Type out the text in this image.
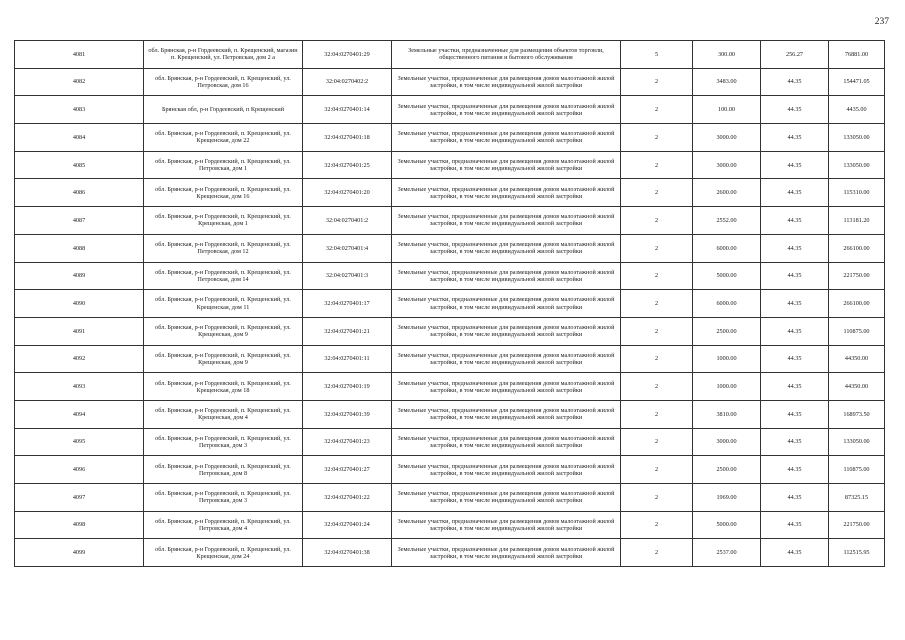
237
4081	обл. Брянская, р-н Гордеевский, п. Крещенский, магазин п. Крещенский, ул. Петровская, дом 2 а	32:04:0270401:29	Земельные участки, предназначенные для размещения объектов торговли, общественного питания и бытового обслуживания	5	300.00	256.27	76881.00
4082	обл. Брянская, р-н Гордеевский, п. Крещенский, ул. Петровская, дом 16	32:04:0270402:2	Земельные участки, предназначенные для размещения домов малоэтажной жилой застройки, в том числе индивидуальной жилой застройки	2	3483.00	44.35	154471.05
4083	Брянская обл, р-н Гордеевский, п Крещенский	32:04:0270401:14	Земельные участки, предназначенные для размещения домов малоэтажной жилой застройки, в том числе индивидуальной жилой застройки	2	100.00	44.35	4435.00
4084	обл. Брянская, р-н Гордеевский, п. Крещенский, ул. Крещенская, дом 22	32:04:0270401:18	Земельные участки, предназначенные для размещения домов малоэтажной жилой застройки, в том числе индивидуальной жилой застройки	2	3000.00	44.35	133050.00
4085	обл. Брянская, р-н Гордеевский, п. Крещенский, ул. Петровская, дом 1	32:04:0270401:25	Земельные участки, предназначенные для размещения домов малоэтажной жилой застройки, в том числе индивидуальной жилой застройки	2	3000.00	44.35	133050.00
4086	обл. Брянская, р-н Гордеевский, п. Крещенский, ул. Крещенская, дом 16	32:04:0270401:20	Земельные участки, предназначенные для размещения домов малоэтажной жилой застройки, в том числе индивидуальной жилой застройки	2	2600.00	44.35	115310.00
4087	обл. Брянская, р-н Гордеевский, п. Крещенский, ул. Крещенская, дом 1	32:04:0270401:2	Земельные участки, предназначенные для размещения домов малоэтажной жилой застройки, в том числе индивидуальной жилой застройки	2	2552.00	44.35	113181.20
4088	обл. Брянская, р-н Гордеевский, п. Крещенский, ул. Петровская, дом 12	32:04:0270401:4	Земельные участки, предназначенные для размещения домов малоэтажной жилой застройки, в том числе индивидуальной жилой застройки	2	6000.00	44.35	266100.00
4089	обл. Брянская, р-н Гордеевский, п. Крещенский, ул. Петровская, дом 14	32:04:0270401:3	Земельные участки, предназначенные для размещения домов малоэтажной жилой застройки, в том числе индивидуальной жилой застройки	2	5000.00	44.35	221750.00
4090	обл. Брянская, р-н Гордеевский, п. Крещенский, ул. Крещенская, дом 11	32:04:0270401:17	Земельные участки, предназначенные для размещения домов малоэтажной жилой застройки, в том числе индивидуальной жилой застройки	2	6000.00	44.35	266100.00
4091	обл. Брянская, р-н Гордеевский, п. Крещенский, ул. Крещенская, дом 9	32:04:0270401:21	Земельные участки, предназначенные для размещения домов малоэтажной жилой застройки, в том числе индивидуальной жилой застройки	2	2500.00	44.35	110875.00
4092	обл. Брянская, р-н Гордеевский, п. Крещенский, ул. Крещенская, дом 9	32:04:0270401:11	Земельные участки, предназначенные для размещения домов малоэтажной жилой застройки, в том числе индивидуальной жилой застройки	2	1000.00	44.35	44350.00
4093	обл. Брянская, р-н Гордеевский, п. Крещенский, ул. Крещенская, дом 18	32:04:0270401:19	Земельные участки, предназначенные для размещения домов малоэтажной жилой застройки, в том числе индивидуальной жилой застройки	2	1000.00	44.35	44350.00
4094	обл. Брянская, р-н Гордеевский, п. Крещенский, ул. Крещенская, дом 4	32:04:0270401:39	Земельные участки, предназначенные для размещения домов малоэтажной жилой застройки, в том числе индивидуальной жилой застройки	2	3810.00	44.35	168973.50
4095	обл. Брянская, р-н Гордеевский, п. Крещенский, ул. Петровская, дом 3	32:04:0270401:23	Земельные участки, предназначенные для размещения домов малоэтажной жилой застройки, в том числе индивидуальной жилой застройки	2	3000.00	44.35	133050.00
4096	обл. Брянская, р-н Гордеевский, п. Крещенский, ул. Петровская, дом 8	32:04:0270401:27	Земельные участки, предназначенные для размещения домов малоэтажной жилой застройки, в том числе индивидуальной жилой застройки	2	2500.00	44.35	110875.00
4097	обл. Брянская, р-н Гордеевский, п. Крещенский, ул. Петровская, дом 3	32:04:0270401:22	Земельные участки, предназначенные для размещения домов малоэтажной жилой застройки, в том числе индивидуальной жилой застройки	2	1969.00	44.35	87325.15
4098	обл. Брянская, р-н Гордеевский, п. Крещенский, ул. Петровская, дом 4	32:04:0270401:24	Земельные участки, предназначенные для размещения домов малоэтажной жилой застройки, в том числе индивидуальной жилой застройки	2	5000.00	44.35	221750.00
4099	обл. Брянская, р-н Гордеевский, п. Крещенский, ул. Крещенская, дом 24	32:04:0270401:38	Земельные участки, предназначенные для размещения домов малоэтажной жилой застройки, в том числе индивидуальной жилой застройки	2	2537.00	44.35	112515.95
